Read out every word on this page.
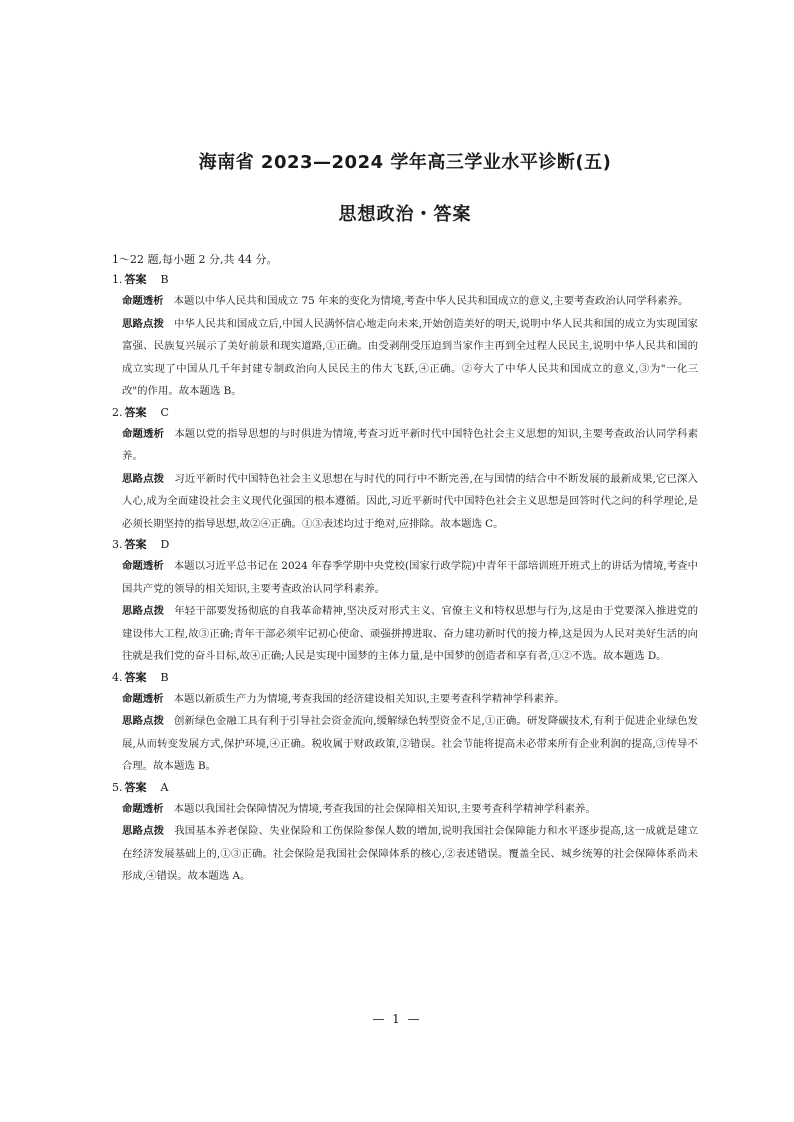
海南省 2023—2024 学年高三学业水平诊断(五)
思想政治・答案

1～22 题,每小题 2 分,共 44 分。

1. 答案 B

命题透析 本题以中华人民共和国成立 75 年来的变化为情境,考查中华人民共和国成立的意义,主要考查政治认同学科素养。

思路点拨 中华人民共和国成立后,中国人民满怀信心地走向未来,开始创造美好的明天,说明中华人民共和国的成立为实现国家富强、民族复兴展示了美好前景和现实道路,①正确。由受剥削受压迫到当家作主再到全过程人民民主,说明中华人民共和国的成立实现了中国从几千年封建专制政治向人民民主的伟大飞跃,④正确。②夸大了中华人民共和国成立的意义,③为"一化三改"的作用。故本题选 B。

2. 答案 C

命题透析 本题以党的指导思想的与时俱进为情境,考查习近平新时代中国特色社会主义思想的知识,主要考查政治认同学科素养。

思路点拨 习近平新时代中国特色社会主义思想在与时代的同行中不断完善,在与国情的结合中不断发展的最新成果,它已深入人心,成为全面建设社会主义现代化强国的根本遵循。因此,习近平新时代中国特色社会主义思想是回答时代之问的科学理论,是必须长期坚持的指导思想,故②④正确。①③表述均过于绝对,应排除。故本题选 C。

3. 答案 D

命题透析 本题以习近平总书记在 2024 年春季学期中央党校(国家行政学院)中青年干部培训班开班式上的讲话为情境,考查中国共产党的领导的相关知识,主要考查政治认同学科素养。

思路点拨 年轻干部要发扬彻底的自我革命精神,坚决反对形式主义、官僚主义和特权思想与行为,这是由于党要深入推进党的建设伟大工程,故③正确;青年干部必须牢记初心使命、顽强拼搏进取、奋力建功新时代的接力棒,这是因为人民对美好生活的向往就是我们党的奋斗目标,故④正确;人民是实现中国梦的主体力量,是中国梦的创造者和享有者,①②不选。故本题选 D。

4. 答案 B

命题透析 本题以新质生产力为情境,考查我国的经济建设相关知识,主要考查科学精神学科素养。

思路点拨 创新绿色金融工具有利于引导社会资金流向,缓解绿色转型资金不足,①正确。研发降碳技术,有利于促进企业绿色发展,从而转变发展方式,保护环境,④正确。税收属于财政政策,②错误。社会节能将提高未必带来所有企业利润的提高,③传导不合理。故本题选 B。

5. 答案 A

命题透析 本题以我国社会保障情况为情境,考查我国的社会保障相关知识,主要考查科学精神学科素养。

思路点拨 我国基本养老保险、失业保险和工伤保险参保人数的增加,说明我国社会保障能力和水平逐步提高,这一成就是建立在经济发展基础上的,①③正确。社会保险是我国社会保障体系的核心,②表述错误。覆盖全民、城乡统筹的社会保障体系尚未形成,④错误。故本题选 A。

— 1 —
